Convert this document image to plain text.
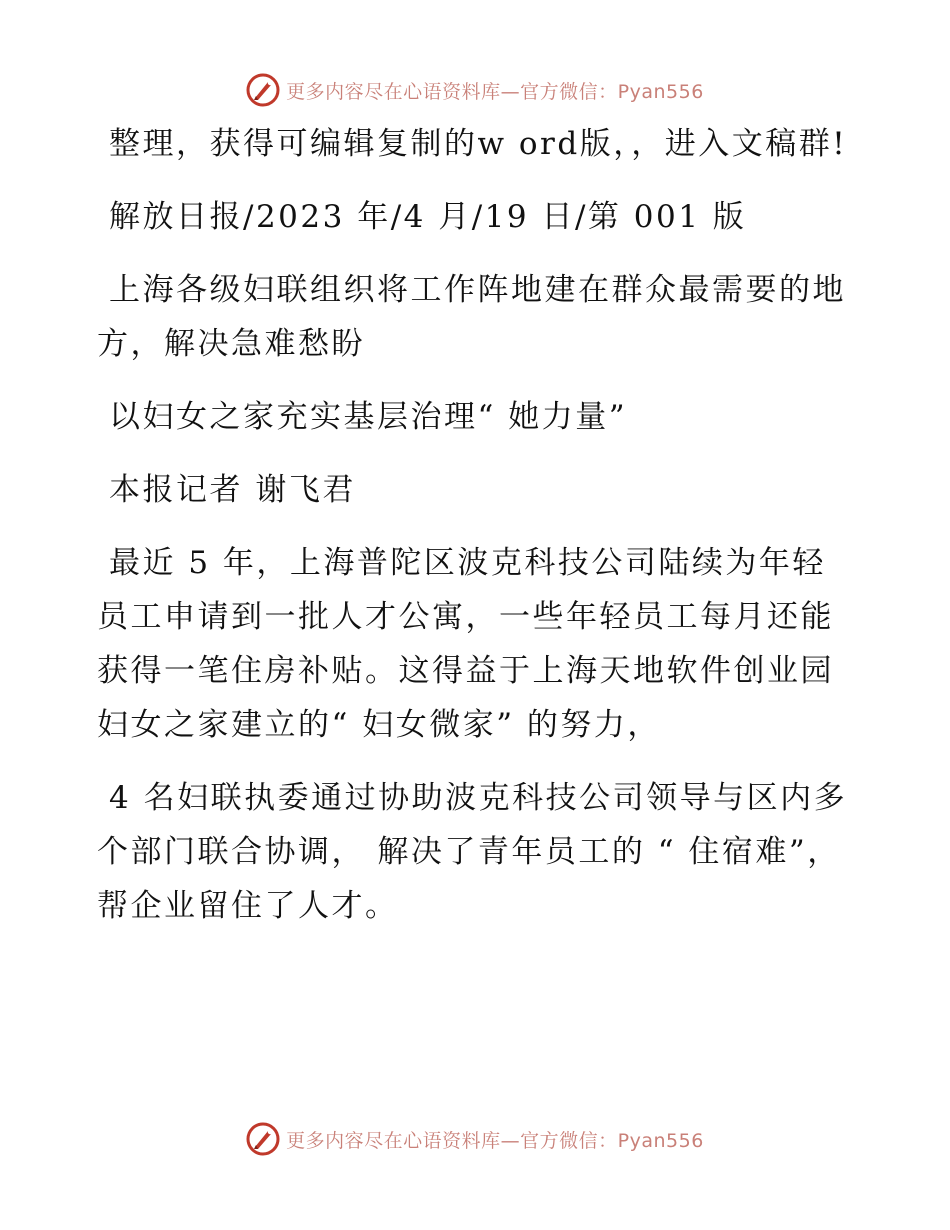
更多内容尽在心语资料库—官方微信：Pyan556

整理，获得可编辑复制的w ord版，，进入文稿群!

解放日报/2023 年/4 月/19 日/第 001 版

上海各级妇联组织将工作阵地建在群众最需要的地方，解决急难愁盼

以妇女之家充实基层治理“ 她力量”

本报记者 谢飞君

最近 5 年，上海普陀区波克科技公司陆续为年轻员工申请到一批人才公寓，一些年轻员工每月还能获得一笔住房补贴。这得益于上海天地软件创业园妇女之家建立的“ 妇女微家” 的努力，

4 名妇联执委通过协助波克科技公司领导与区内多个部门联合协调， 解决了青年员工的 “ 住宿难”，帮企业留住了人才。

更多内容尽在心语资料库—官方微信：Pyan556
